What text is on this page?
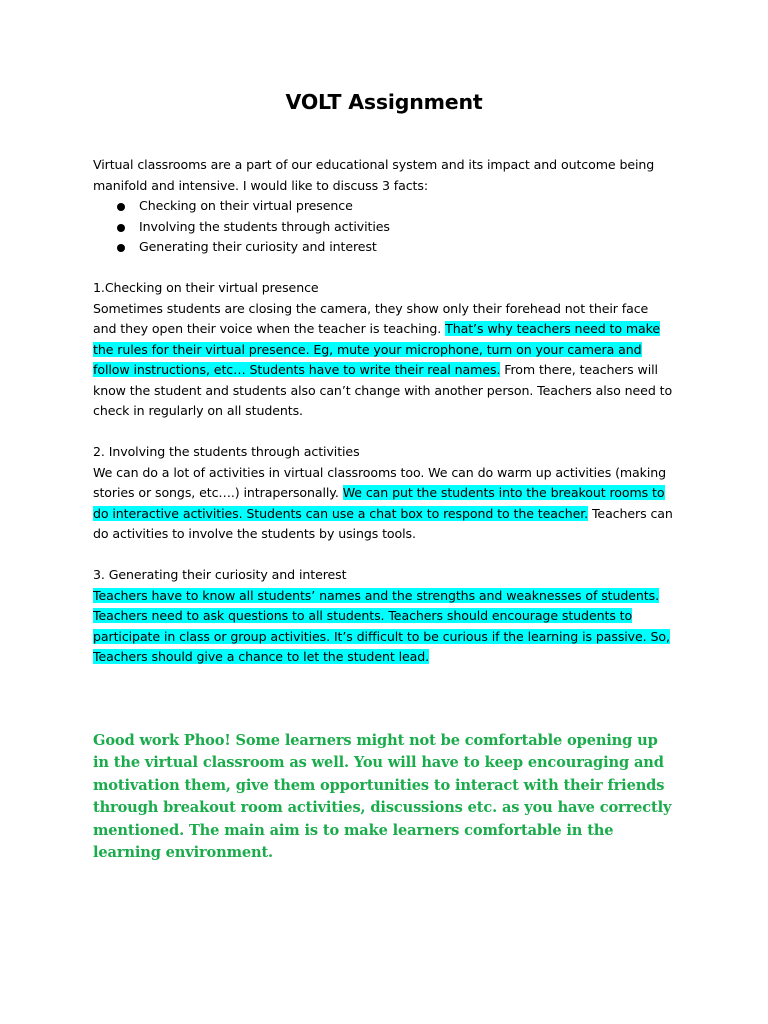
VOLT Assignment

Virtual classrooms are a part of our educational system and its impact and outcome being manifold and intensive. I would like to discuss 3 facts:

Checking on their virtual presence
Involving the students through activities
Generating their curiosity and interest
1.Checking on their virtual presence

Sometimes students are closing the camera, they show only their forehead not their face and they open their voice when the teacher is teaching. That’s why teachers need to make the rules for their virtual presence. Eg, mute your microphone, turn on your camera and follow instructions, etc… Students have to write their real names. From there, teachers will know the student and students also can’t change with another person. Teachers also need to check in regularly on all students.

2. Involving the students through activities

We can do a lot of activities in virtual classrooms too. We can do warm up activities (making stories or songs, etc….) intrapersonally. We can put the students into the breakout rooms to do interactive activities. Students can use a chat box to respond to the teacher. Teachers can do activities to involve the students by usings tools.

3. Generating their curiosity and interest

Teachers have to know all students’ names and the strengths and weaknesses of students. Teachers need to ask questions to all students. Teachers should encourage students to participate in class or group activities. It’s difficult to be curious if the learning is passive. So, Teachers should give a chance to let the student lead.

Good work Phoo! Some learners might not be comfortable opening up in the virtual classroom as well. You will have to keep encouraging and motivation them, give them opportunities to interact with their friends through breakout room activities, discussions etc. as you have correctly mentioned. The main aim is to make learners comfortable in the learning environment.
